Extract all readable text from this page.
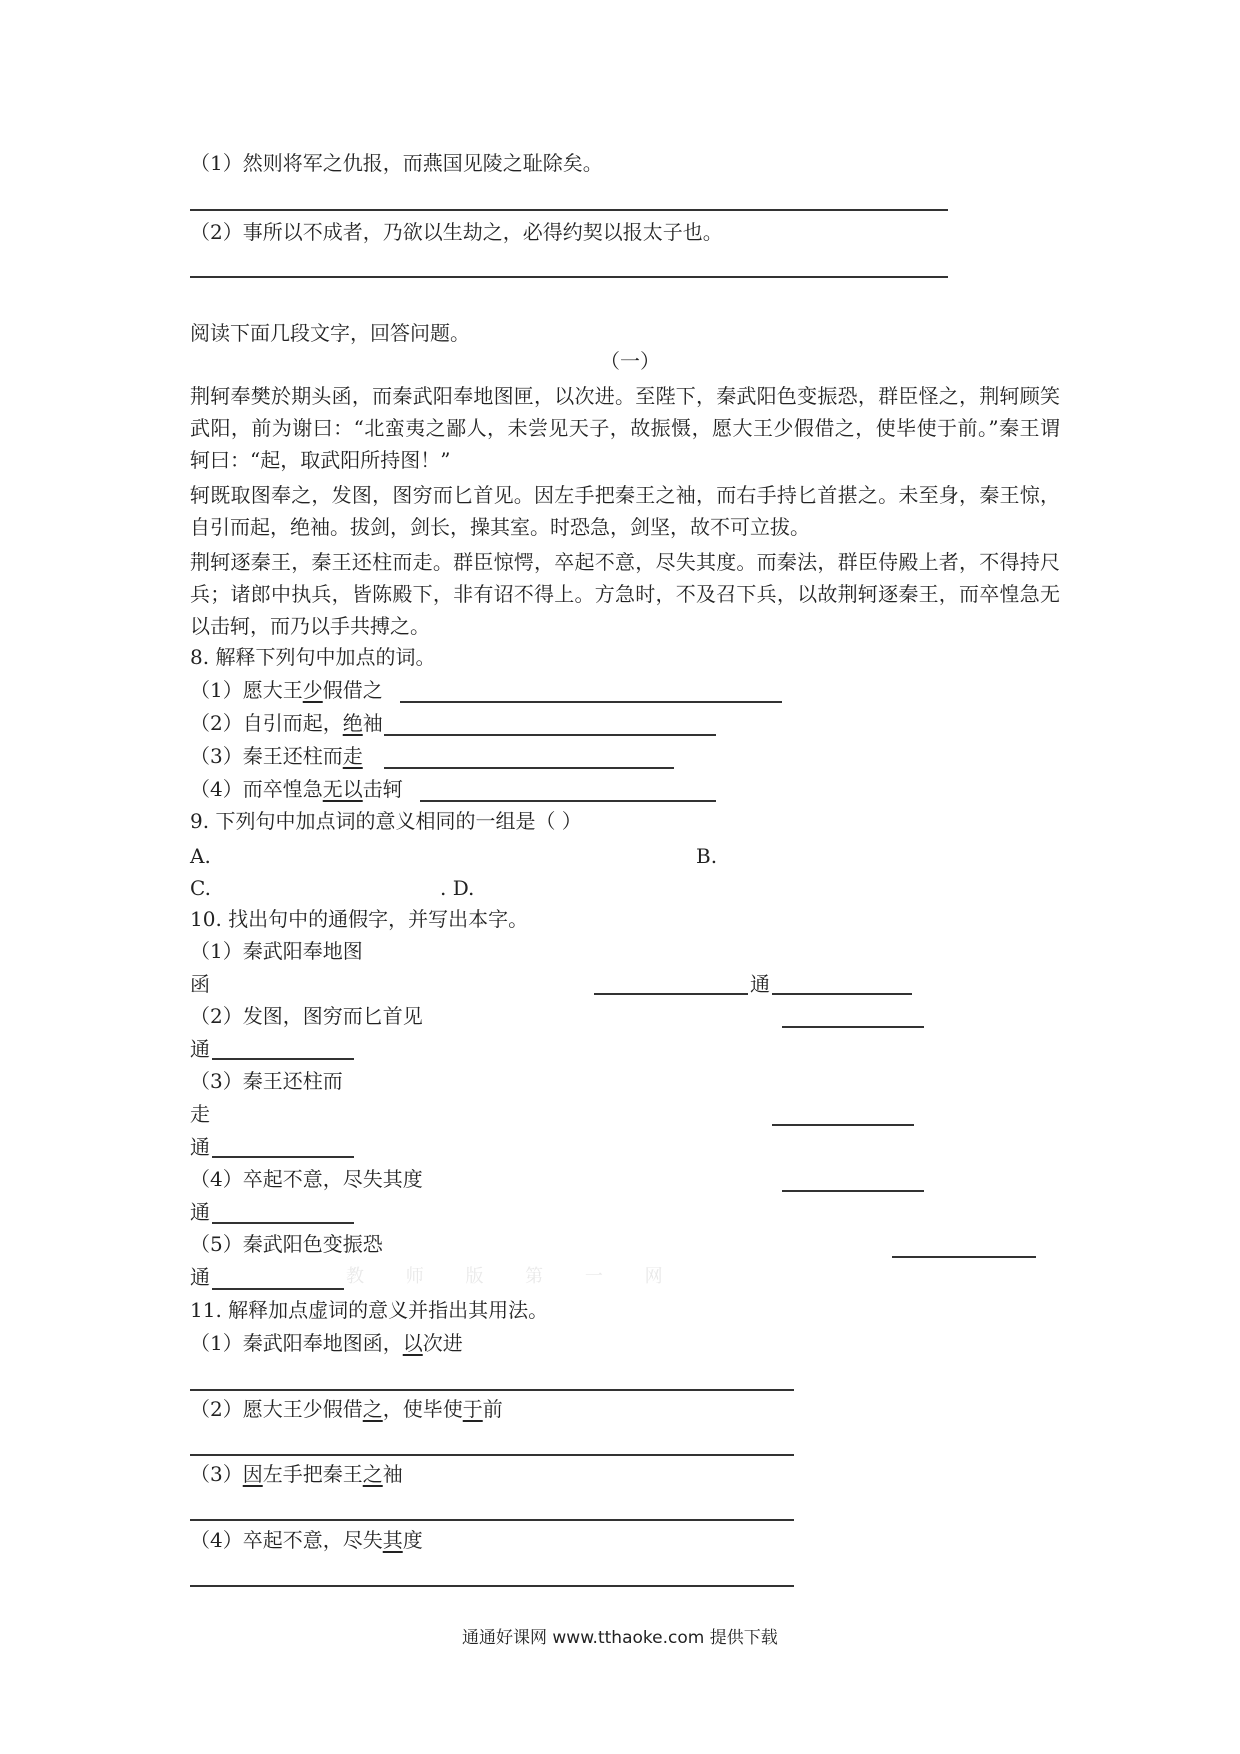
（1）然则将军之仇报，而燕国见陵之耻除矣。
（2）事所以不成者，乃欲以生劫之，必得约契以报太子也。
阅读下面几段文字，回答问题。
（一）
荆轲奉樊於期头函，而秦武阳奉地图匣，以次进。至陛下，秦武阳色变振恐，群臣怪之，荆轲顾笑武阳，前为谢曰：“北蛮夷之鄙人，未尝见天子，故振慑，愿大王少假借之，使毕使于前。”秦王谓轲曰：“起，取武阳所持图！”
轲既取图奉之，发图，图穷而匕首见。因左手把秦王之袖，而右手持匕首揕之。未至身，秦王惊，自引而起，绝袖。拔剑，剑长，操其室。时恐急，剑坚，故不可立拔。
荆轲逐秦王，秦王还柱而走。群臣惊愕，卒起不意，尽失其度。而秦法，群臣侍殿上者，不得持尺兵；诸郎中执兵，皆陈殿下，非有诏不得上。方急时，不及召下兵，以故荆轲逐秦王，而卒惶急无以击轲，而乃以手共搏之。
8. 解释下列句中加点的词。
（1）愿大王少假借之
（2）自引而起，绝袖
（3）秦王还柱而走
（4）而卒惶急无以击轲
9. 下列句中加点词的意义相同的一组是（ ）
A.	B.
C.	. D.
10. 找出句中的通假字，并写出本字。
（1）秦武阳奉地图
函	通
（2）发图，图穷而匕首见
通
（3）秦王还柱而
走
通
（4）卒起不意，尽失其度
通
（5）秦武阳色变振恐
通	教 师 版 第 一 网
11. 解释加点虚词的意义并指出其用法。
（1）秦武阳奉地图函，以次进
（2）愿大王少假借之，使毕使于前
（3）因左手把秦王之袖
（4）卒起不意，尽失其度
通通好课网 www.tthaoke.com 提供下载
